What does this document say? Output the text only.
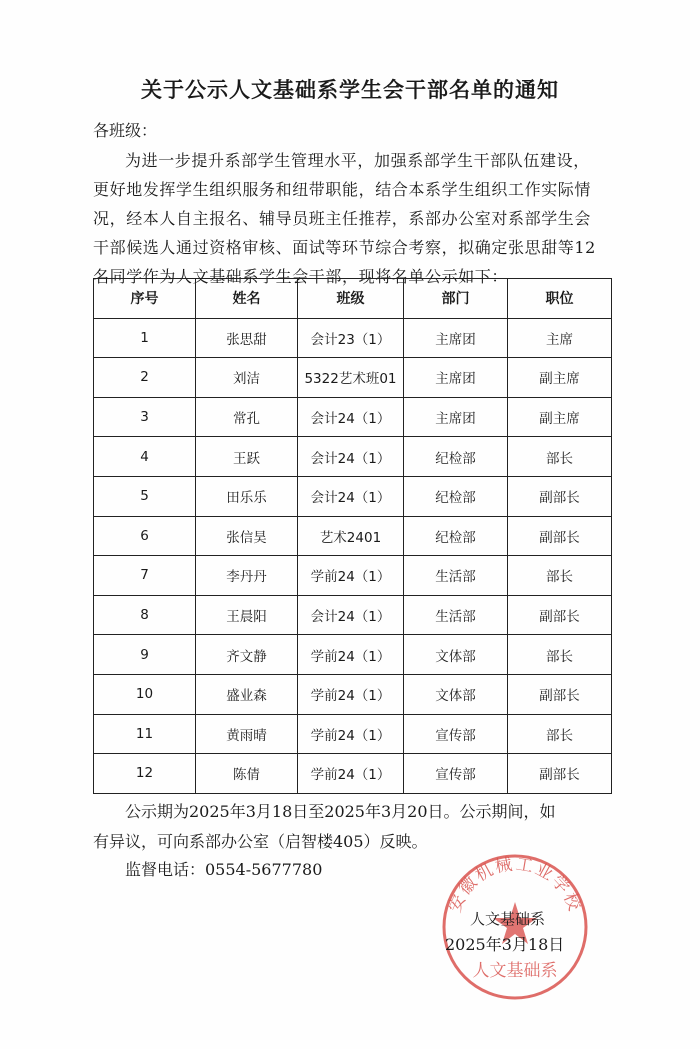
关于公示人文基础系学生会干部名单的通知
各班级：
为进一步提升系部学生管理水平，加强系部学生干部队伍建设，
更好地发挥学生组织服务和纽带职能，结合本系学生组织工作实际情
况，经本人自主报名、辅导员班主任推荐，系部办公室对系部学生会
干部候选人通过资格审核、面试等环节综合考察，拟确定张思甜等12
名同学作为人文基础系学生会干部，现将名单公示如下：
序号	姓名	班级	部门	职位
1	张思甜	会计23（1）	主席团	主席
2	刘洁	5322艺术班01	主席团	副主席
3	常孔	会计24（1）	主席团	副主席
4	王跃	会计24（1）	纪检部	部长
5	田乐乐	会计24（1）	纪检部	副部长
6	张信昊	艺术2401	纪检部	副部长
7	李丹丹	学前24（1）	生活部	部长
8	王晨阳	会计24（1）	生活部	副部长
9	齐文静	学前24（1）	文体部	部长
10	盛业森	学前24（1）	文体部	副部长
11	黄雨晴	学前24（1）	宣传部	部长
12	陈倩	学前24（1）	宣传部	副部长
公示期为2025年3月18日至2025年3月20日。公示期间，如
有异议，可向系部办公室（启智楼405）反映。
监督电话：0554-5677780
安徽机械工业学校
人文基础系
人文基础系
2025年3月18日
